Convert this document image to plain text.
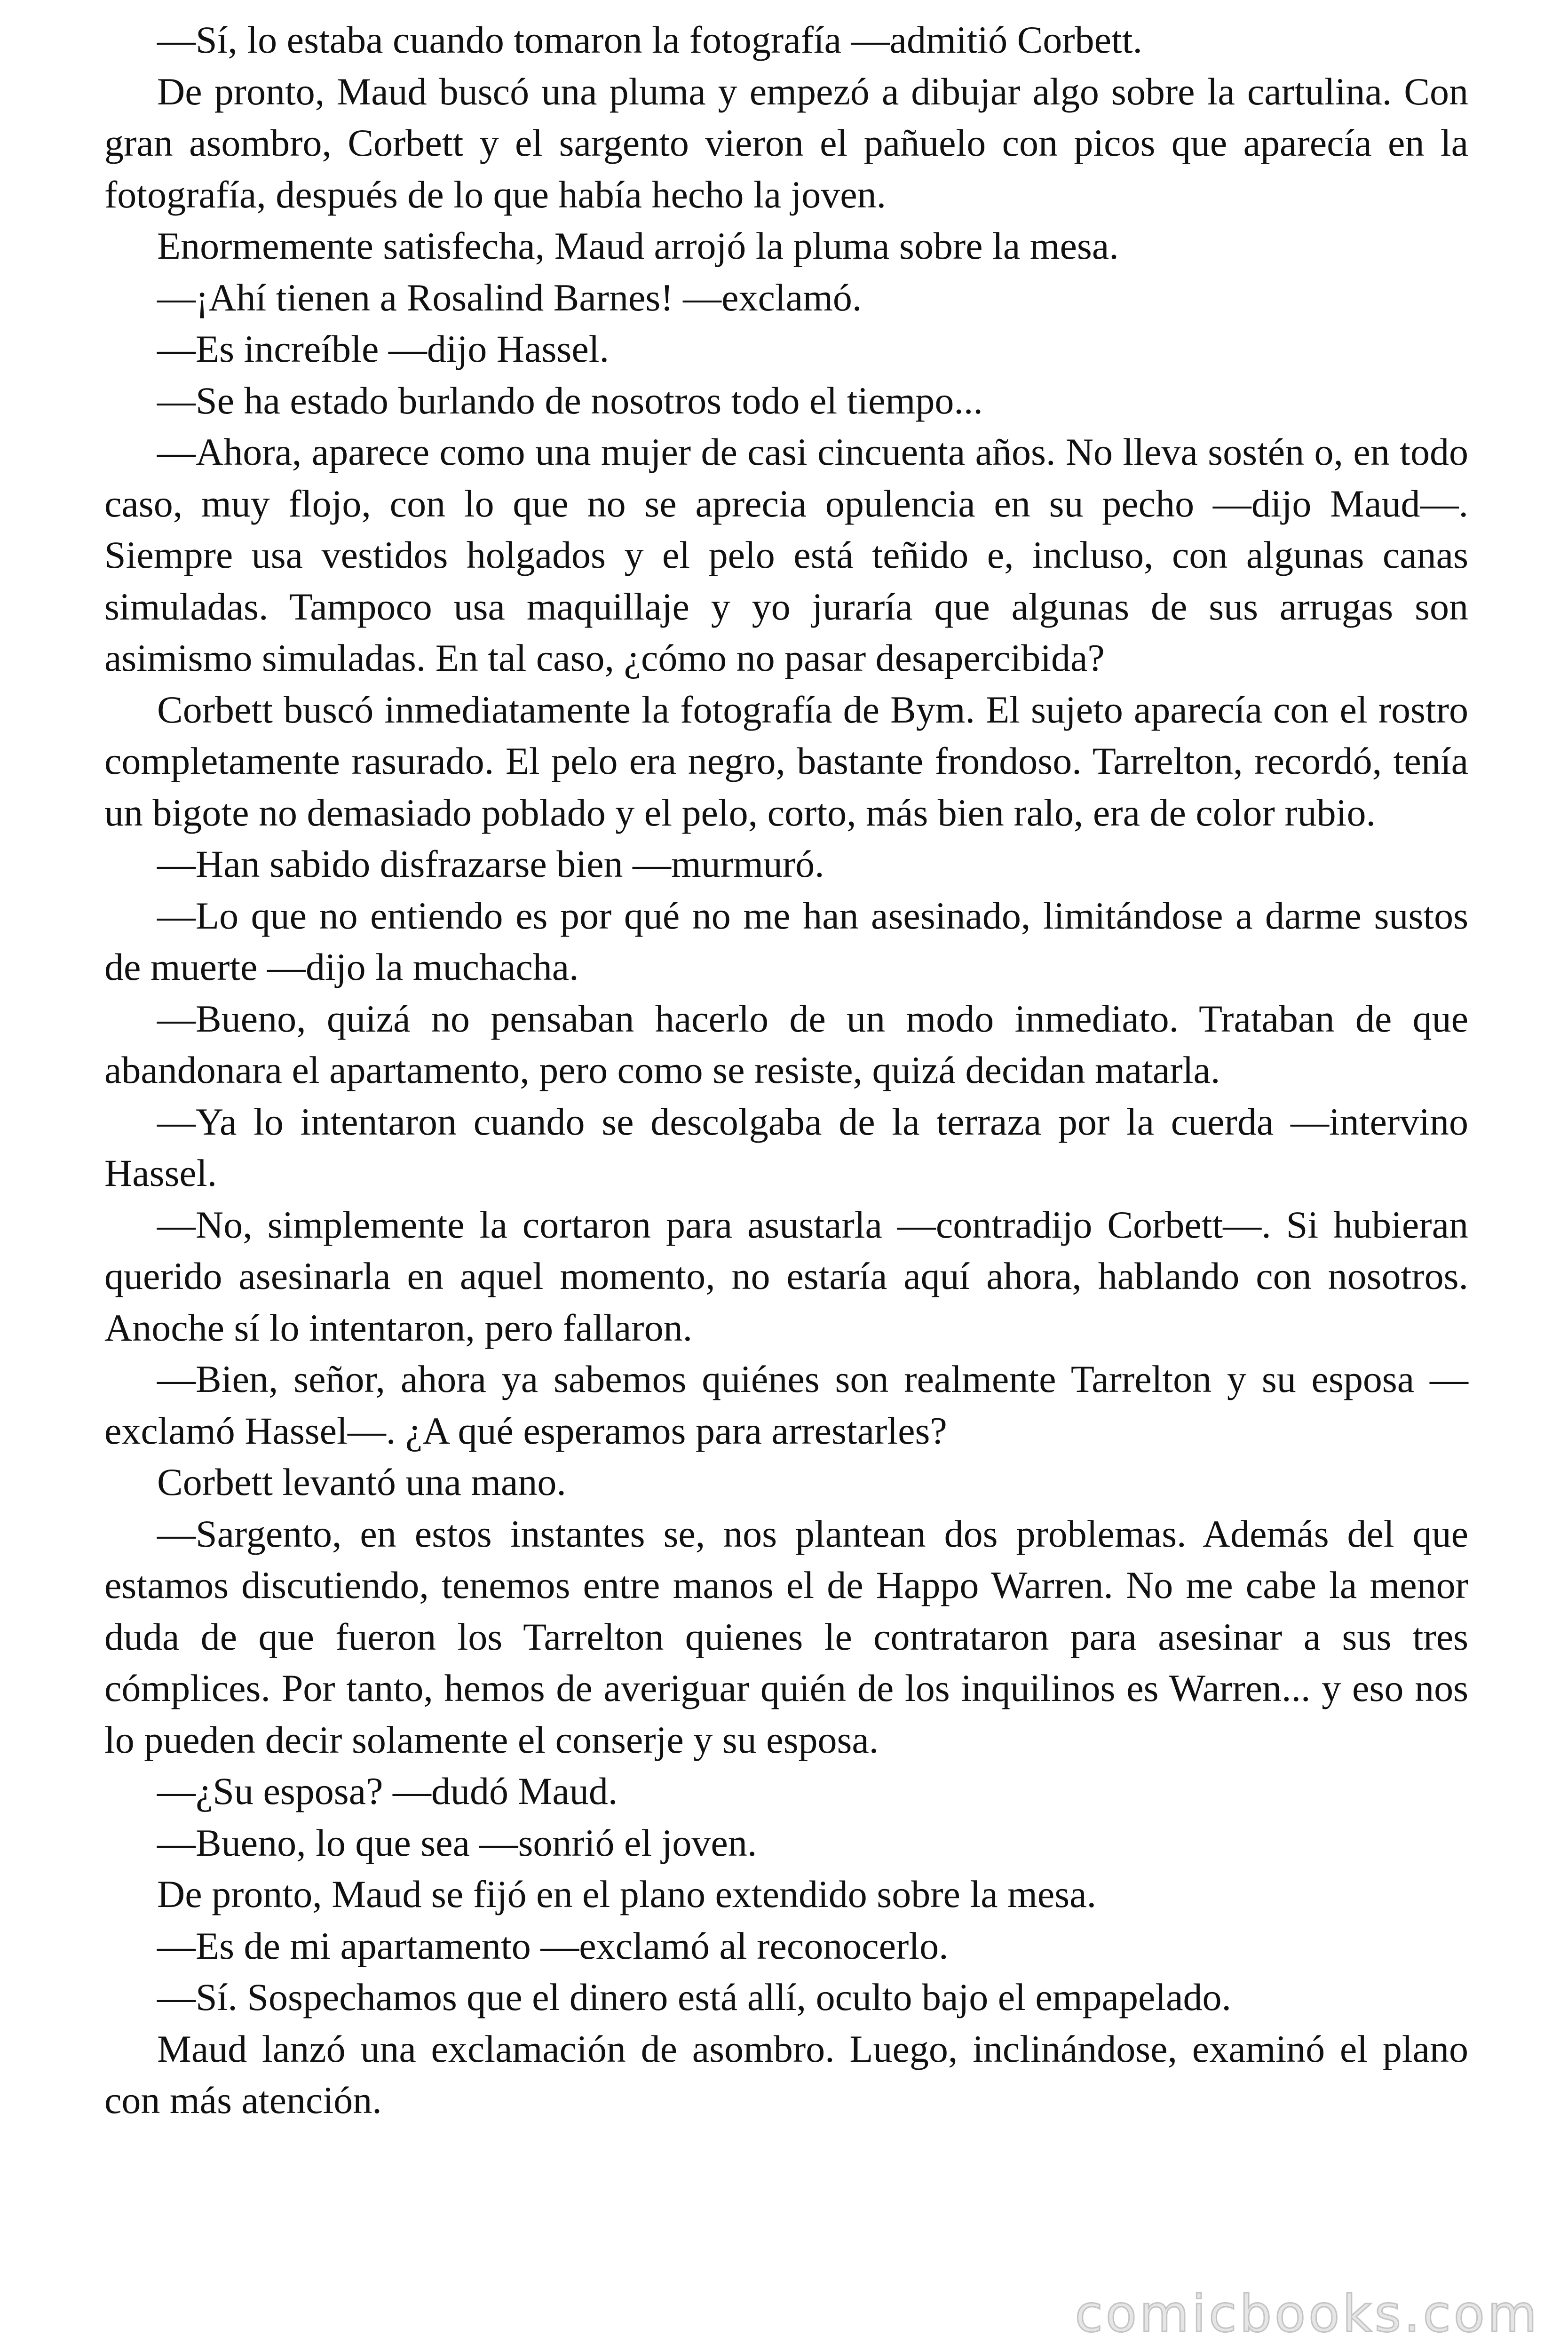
—Sí, lo estaba cuando tomaron la fotografía —admitió Corbett.

De pronto, Maud buscó una pluma y empezó a dibujar algo sobre la cartulina. Con gran asombro, Corbett y el sargento vieron el pañuelo con picos que aparecía en la fotografía, después de lo que había hecho la joven.

Enormemente satisfecha, Maud arrojó la pluma sobre la mesa.

—¡Ahí tienen a Rosalind Barnes! —exclamó.

—Es increíble —dijo Hassel.

—Se ha estado burlando de nosotros todo el tiempo...

—Ahora, aparece como una mujer de casi cincuenta años. No lleva sostén o, en todo caso, muy flojo, con lo que no se aprecia opulencia en su pecho —dijo Maud—. Siempre usa vestidos holgados y el pelo está teñido e, incluso, con algunas canas simuladas. Tampoco usa maquillaje y yo juraría que algunas de sus arrugas son asimismo simuladas. En tal caso, ¿cómo no pasar desapercibida?

Corbett buscó inmediatamente la fotografía de Bym. El sujeto aparecía con el rostro completamente rasurado. El pelo era negro, bastante frondoso. Tarrelton, recordó, tenía un bigote no demasiado poblado y el pelo, corto, más bien ralo, era de color rubio.

—Han sabido disfrazarse bien —murmuró.

—Lo que no entiendo es por qué no me han asesinado, limitándose a darme sustos de muerte —dijo la muchacha.

—Bueno, quizá no pensaban hacerlo de un modo inmediato. Trataban de que abandonara el apartamento, pero como se resiste, quizá decidan matarla.

—Ya lo intentaron cuando se descolgaba de la terraza por la cuerda —intervino Hassel.

—No, simplemente la cortaron para asustarla —contradijo Corbett—. Si hubieran querido asesinarla en aquel momento, no estaría aquí ahora, hablando con nosotros. Anoche sí lo intentaron, pero fallaron.

—Bien, señor, ahora ya sabemos quiénes son realmente Tarrelton y su esposa — exclamó Hassel—. ¿A qué esperamos para arrestarles?

Corbett levantó una mano.

—Sargento, en estos instantes se, nos plantean dos problemas. Además del que estamos discutiendo, tenemos entre manos el de Happo Warren. No me cabe la menor duda de que fueron los Tarrelton quienes le contrataron para asesinar a sus tres cómplices. Por tanto, hemos de averiguar quién de los inquilinos es Warren... y eso nos lo pueden decir solamente el conserje y su esposa.

—¿Su esposa? —dudó Maud.

—Bueno, lo que sea —sonrió el joven.

De pronto, Maud se fijó en el plano extendido sobre la mesa.

—Es de mi apartamento —exclamó al reconocerlo.

—Sí. Sospechamos que el dinero está allí, oculto bajo el empapelado.

Maud lanzó una exclamación de asombro. Luego, inclinándose, examinó el plano con más atención.

comicbooks.com
